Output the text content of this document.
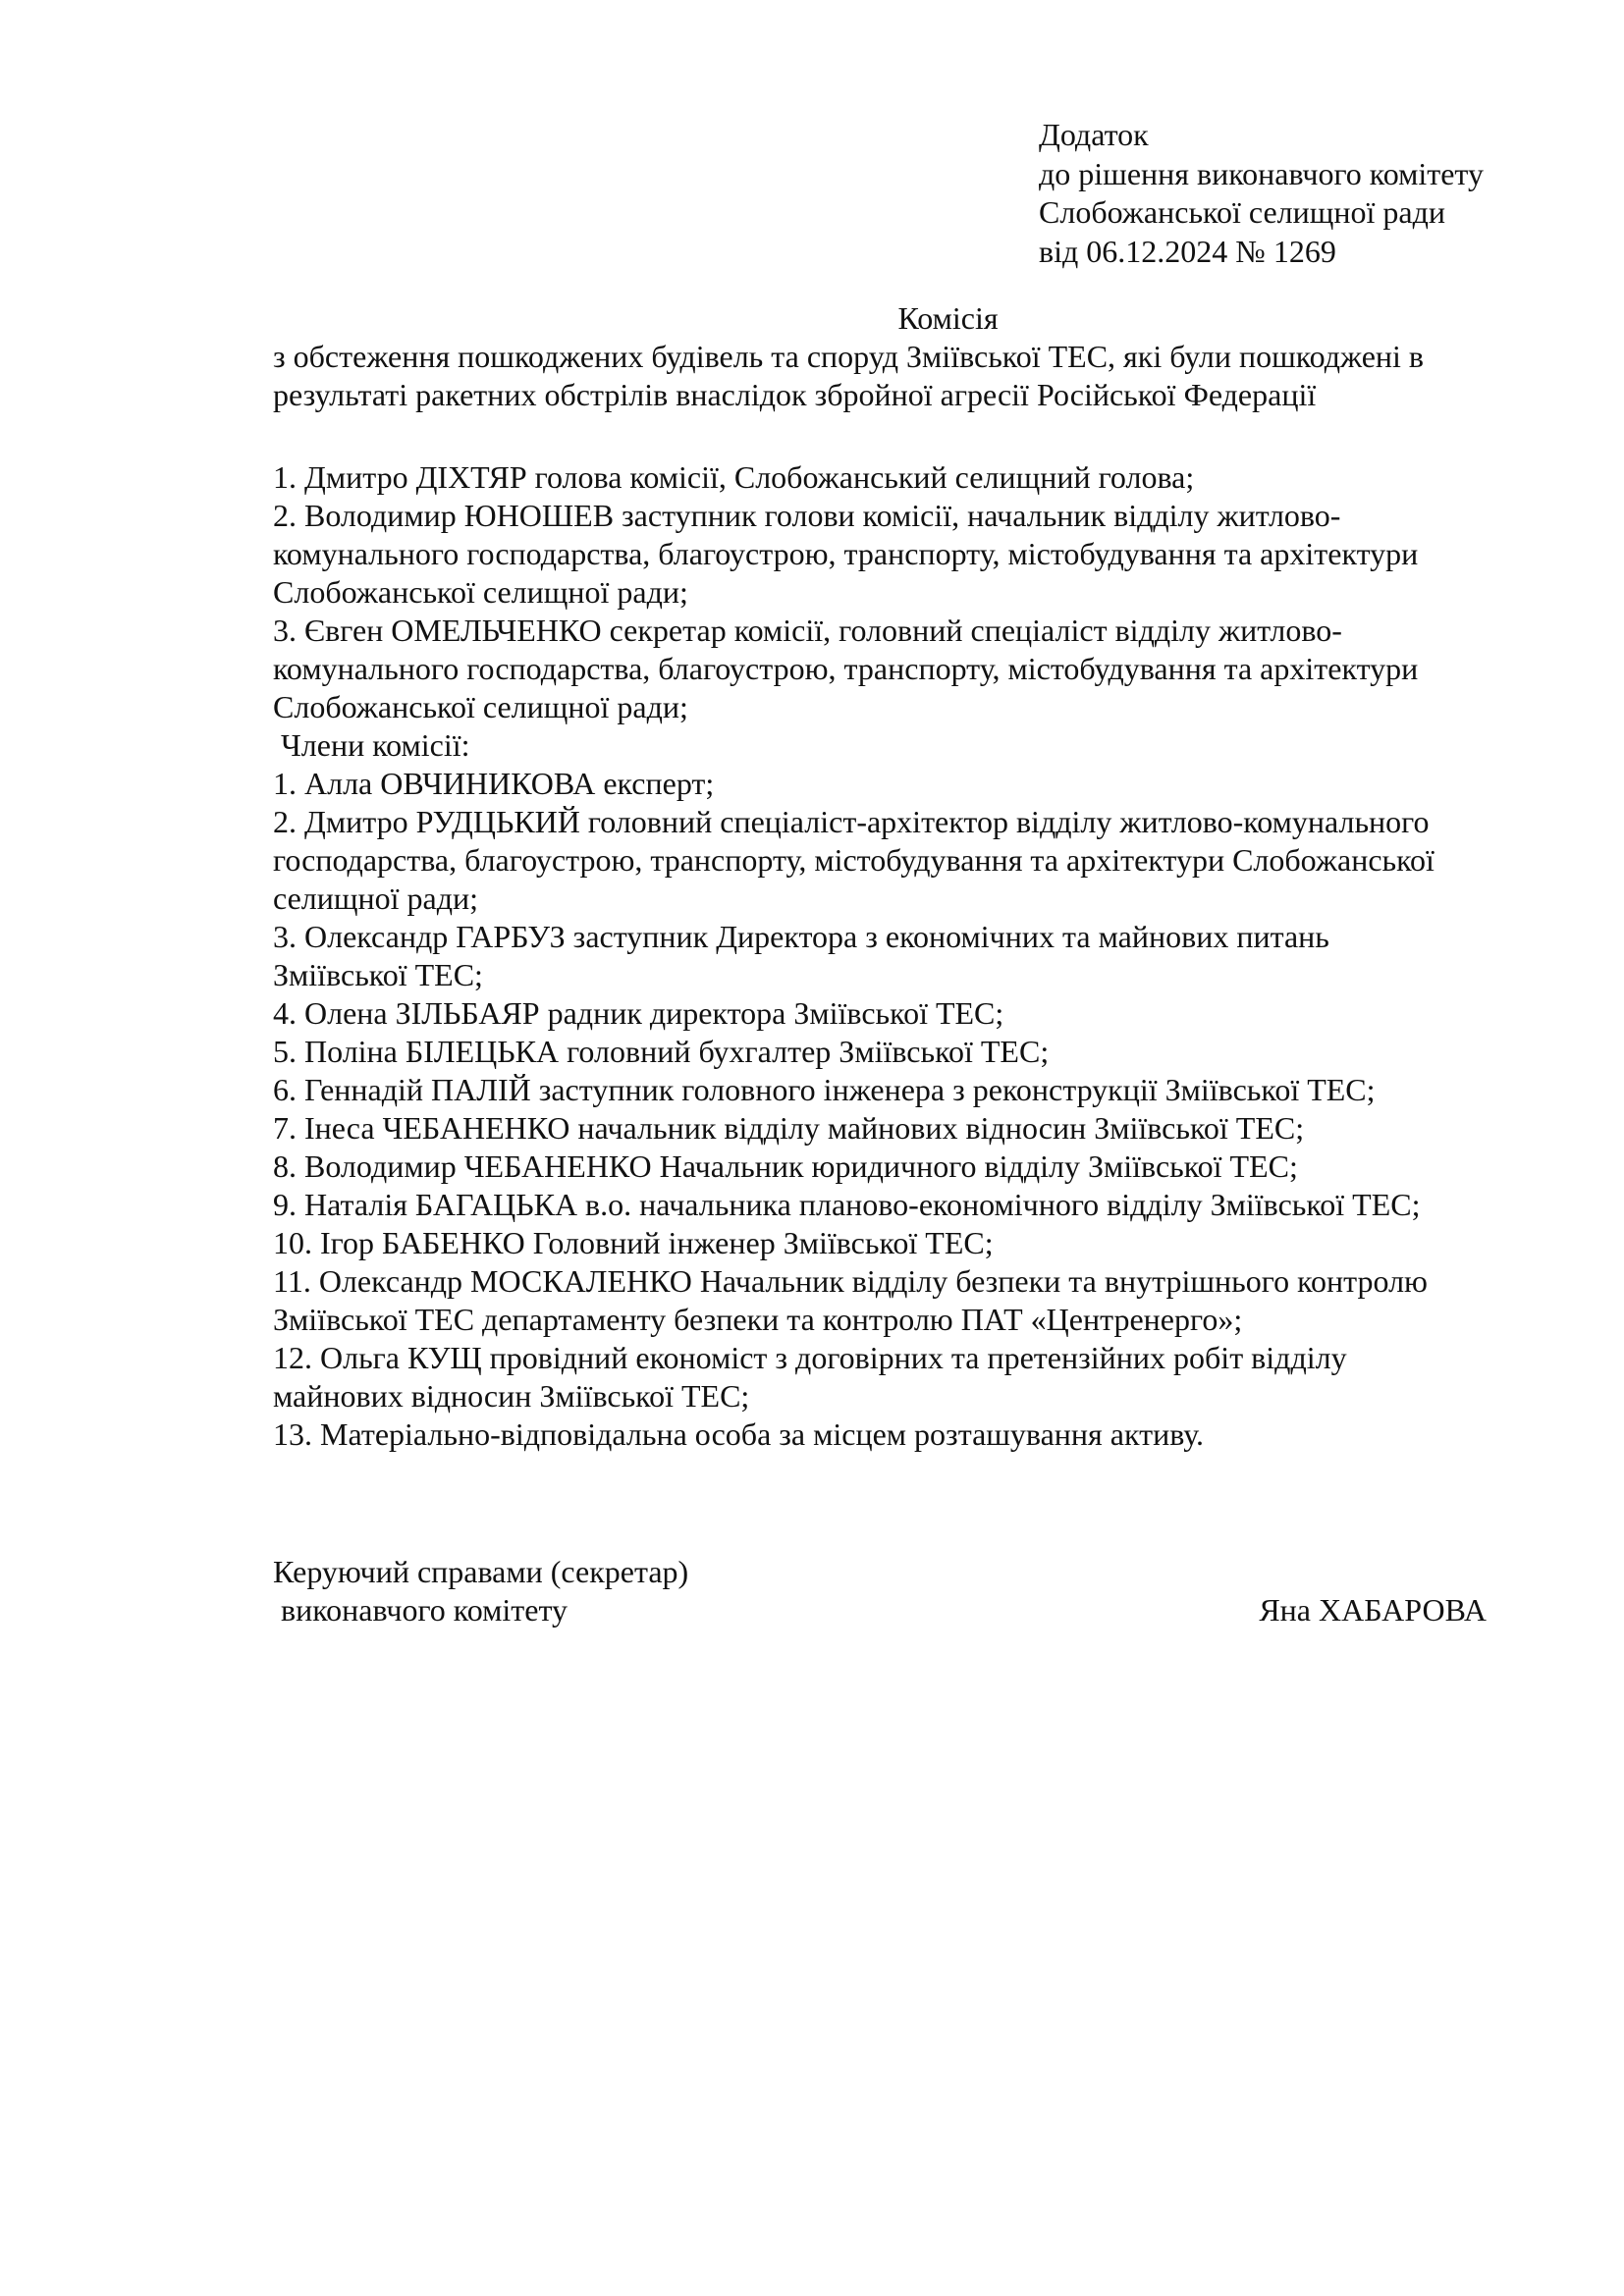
Додаток
до рішення виконавчого комітету
Слобожанської селищної ради
від 06.12.2024 № 1269
Комісія
з обстеження пошкоджених будівель та споруд Зміївської ТЕС, які були пошкоджені в
результаті ракетних обстрілів внаслідок збройної агресії Російської Федерації
1. Дмитро ДІХТЯР голова комісії, Слобожанський селищний голова;
2. Володимир ЮНОШЕВ заступник голови комісії, начальник відділу житлово-
комунального господарства, благоустрою, транспорту, містобудування та архітектури
Слобожанської селищної ради;
3. Євген ОМЕЛЬЧЕНКО секретар комісії, головний спеціаліст відділу житлово-
комунального господарства, благоустрою, транспорту, містобудування та архітектури
Слобожанської селищної ради;
Члени комісії:
1. Алла ОВЧИНИКОВА експерт;
2. Дмитро РУДЦЬКИЙ головний спеціаліст-архітектор відділу житлово-комунального
господарства, благоустрою, транспорту, містобудування та архітектури Слобожанської
селищної ради;
3. Олександр ГАРБУЗ заступник Директора з економічних та майнових питань
Зміївської ТЕС;
4. Олена ЗІЛЬБАЯР радник директора Зміївської ТЕС;
5. Поліна БІЛЕЦЬКА головний бухгалтер Зміївської ТЕС;
6. Геннадій ПАЛІЙ заступник головного інженера з реконструкції Зміївської ТЕС;
7. Інеса ЧЕБАНЕНКО начальник відділу майнових відносин Зміївської ТЕС;
8. Володимир ЧЕБАНЕНКО Начальник юридичного відділу Зміївської ТЕС;
9. Наталія БАГАЦЬКА в.о. начальника планово-економічного відділу Зміївської ТЕС;
10. Ігор БАБЕНКО Головний інженер Зміївської ТЕС;
11. Олександр МОСКАЛЕНКО Начальник відділу безпеки та внутрішнього контролю
Зміївської ТЕС департаменту безпеки та контролю ПАТ «Центренерго»;
12. Ольга КУЩ провідний економіст з договірних та претензійних робіт відділу
майнових відносин Зміївської ТЕС;
13. Матеріально-відповідальна особа за місцем розташування активу.
Керуючий справами (секретар)
виконавчого комітету	Яна ХАБАРОВА
